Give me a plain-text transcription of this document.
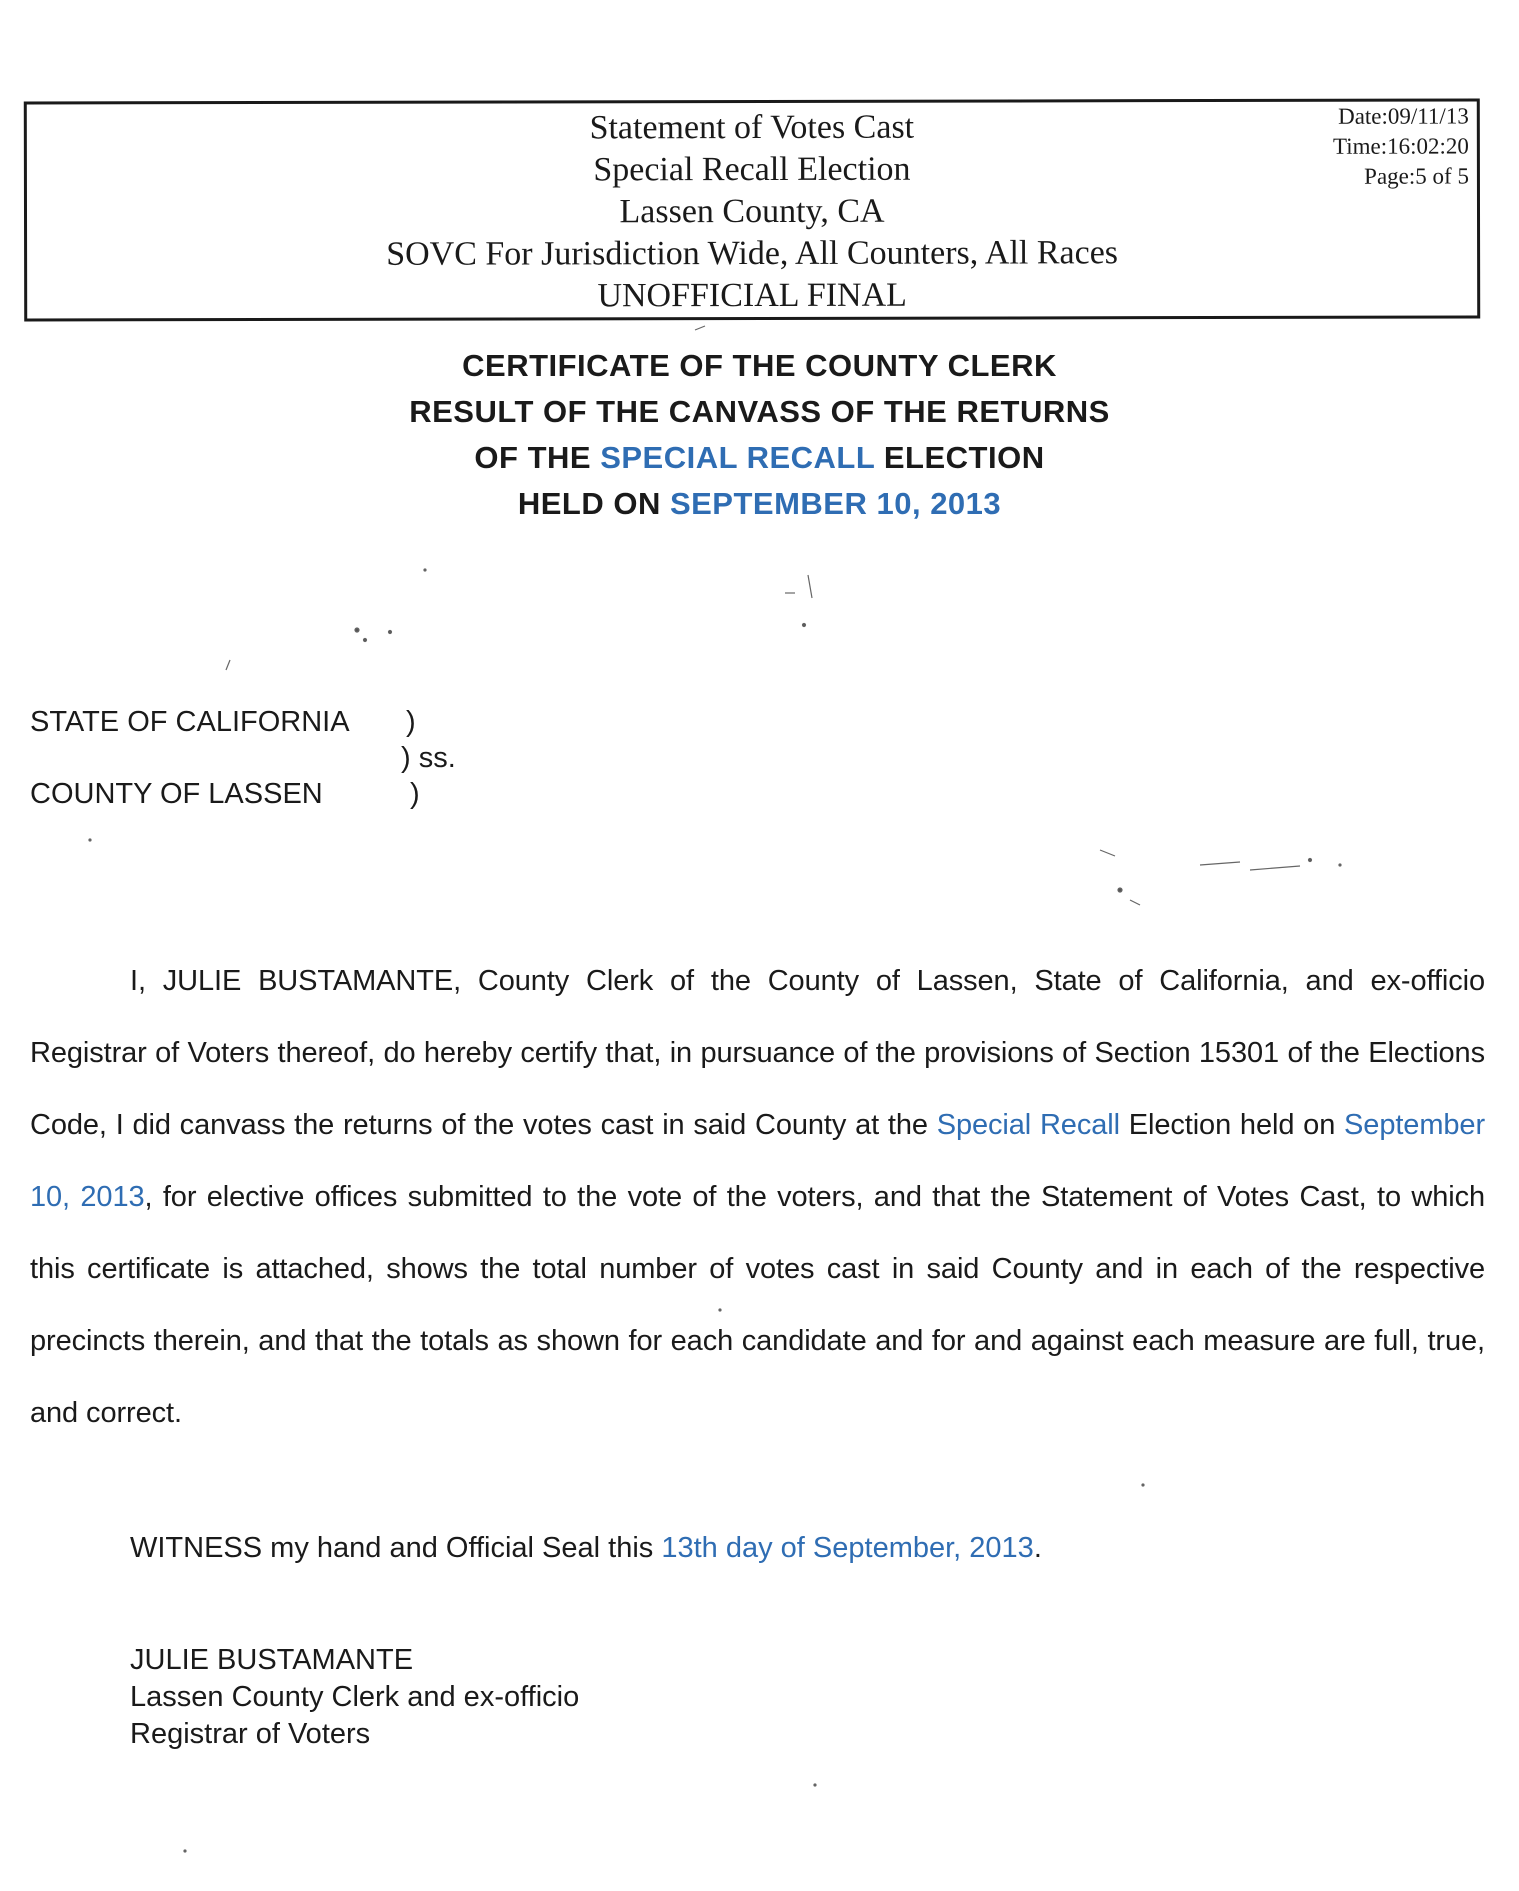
Statement of Votes Cast
Special Recall Election
Lassen County, CA
SOVC For Jurisdiction Wide, All Counters, All Races
UNOFFICIAL FINAL
Date:09/11/13
Time:16:02:20
Page:5 of 5
CERTIFICATE OF THE COUNTY CLERK
RESULT OF THE CANVASS OF THE RETURNS
OF THE SPECIAL RECALL ELECTION
HELD ON SEPTEMBER 10, 2013
STATE OF CALIFORNIA )
) ss.
COUNTY OF LASSEN	)
I, JULIE BUSTAMANTE, County Clerk of the County of Lassen, State of California, and ex-officio Registrar of Voters thereof, do hereby certify that, in pursuance of the provisions of Section 15301 of the Elections Code, I did canvass the returns of the votes cast in said County at the Special Recall Election held on September 10, 2013, for elective offices submitted to the vote of the voters, and that the Statement of Votes Cast, to which this certificate is attached, shows the total number of votes cast in said County and in each of the respective precincts therein, and that the totals as shown for each candidate and for and against each measure are full, true, and correct.
WITNESS my hand and Official Seal this 13th day of September, 2013.
JULIE BUSTAMANTE
Lassen County Clerk and ex-officio
Registrar of Voters
